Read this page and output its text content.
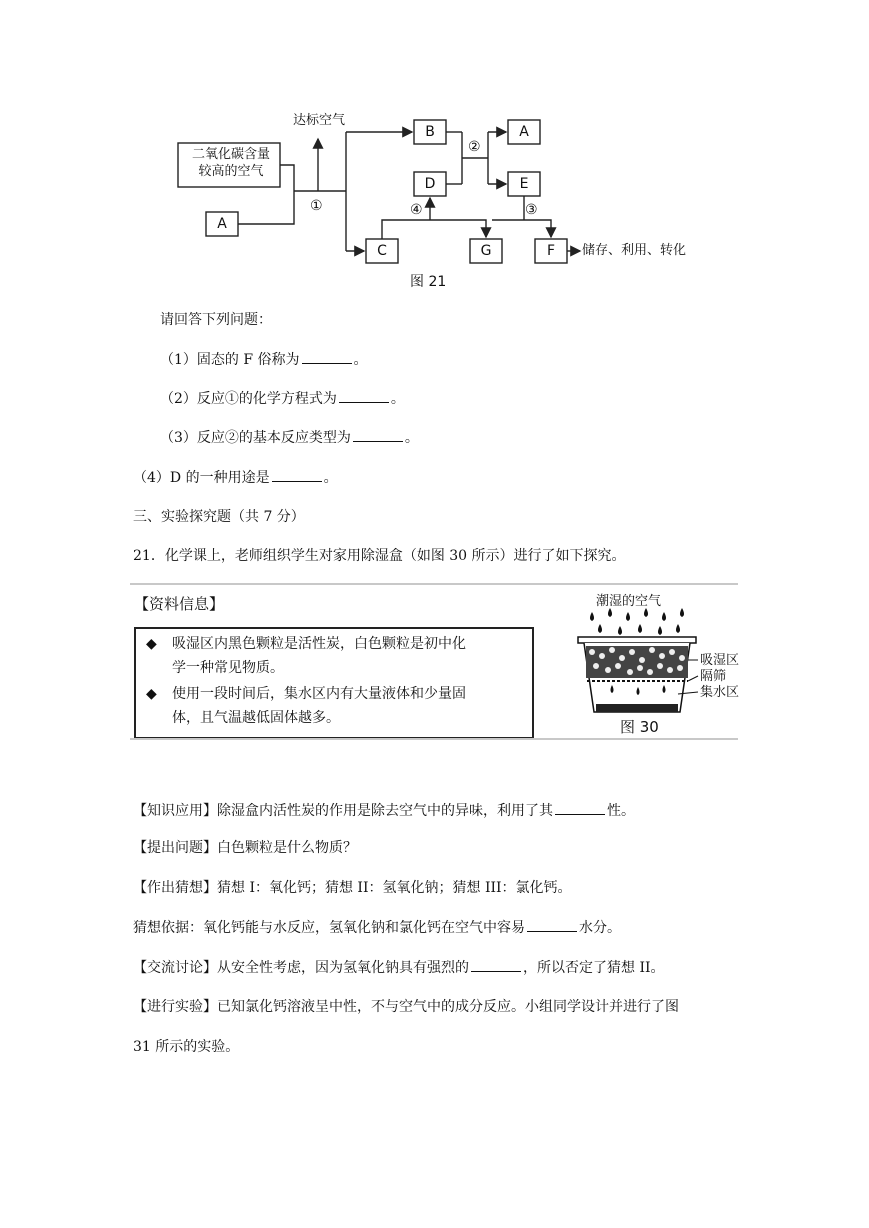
二氧化碳含量
较高的空气
达标空气
A
B	A
D	E
C	G	F
①
②
③
④
储存、利用、转化
图 21
请回答下列问题：
（1）固态的 F 俗称为	。
（2）反应①的化学方程式为	。
（3）反应②的基本反应类型为	。
（4）D 的一种用途是	。
三、实验探究题（共 7 分）
21．化学课上，老师组织学生对家用除湿盒（如图 30 所示）进行了如下探究。
【资料信息】
◆ 吸湿区内黑色颗粒是活性炭，白色颗粒是初中化
学一种常见物质。
◆ 使用一段时间后，集水区内有大量液体和少量固
体，且气温越低固体越多。
潮湿的空气
吸湿区
隔筛
集水区
图 30
【知识应用】除湿盒内活性炭的作用是除去空气中的异味，利用了其	性。
【提出问题】白色颗粒是什么物质？
【作出猜想】猜想 I：氧化钙；猜想 II：氢氧化钠；猜想 III：氯化钙。
猜想依据：氧化钙能与水反应，氢氧化钠和氯化钙在空气中容易	水分。
【交流讨论】从安全性考虑，因为氢氧化钠具有强烈的	，所以否定了猜想 II。
【进行实验】已知氯化钙溶液呈中性，不与空气中的成分反应。小组同学设计并进行了图
31 所示的实验。
